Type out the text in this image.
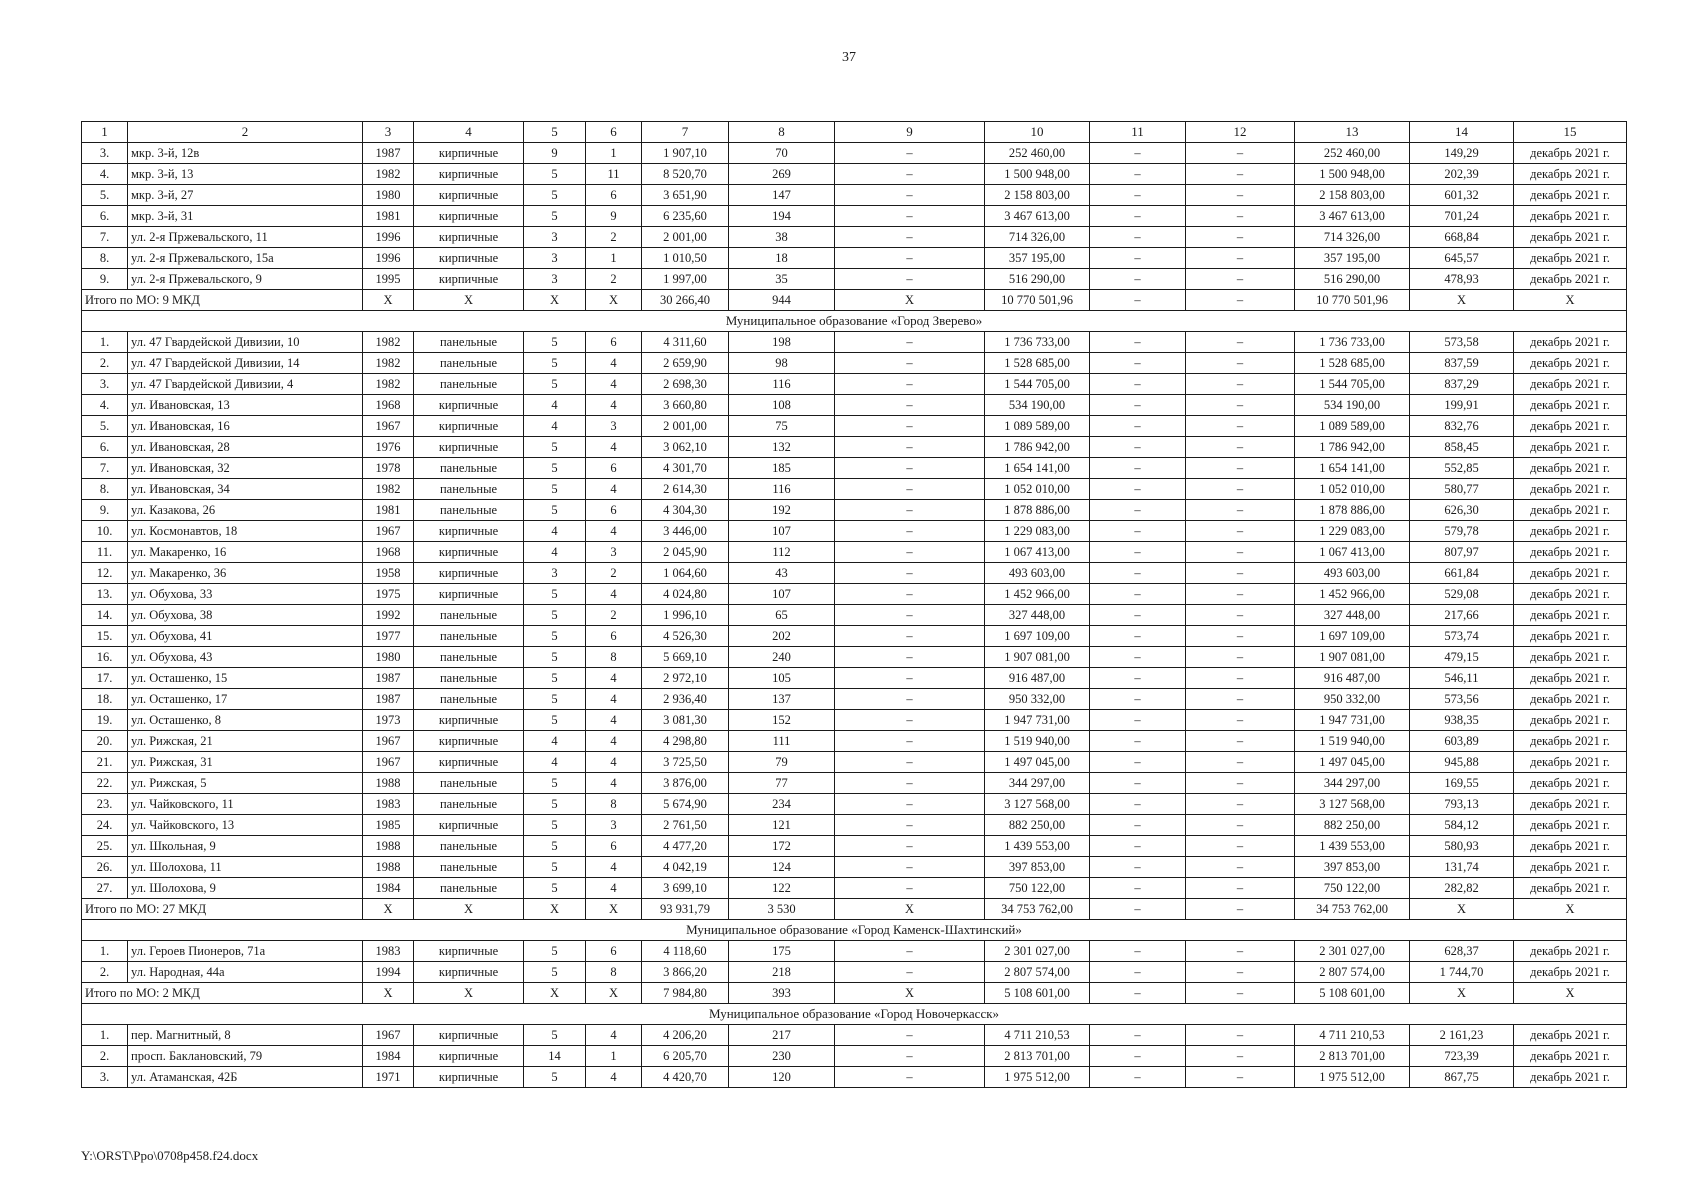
37
1	2	3	4	5	6	7	8	9	10	11	12	13	14	15
3.	мкр. 3-й, 12в	1987	кирпичные	9	1	1 907,10	70	–	252 460,00	–	–	252 460,00	149,29	декабрь 2021 г.
4.	мкр. 3-й, 13	1982	кирпичные	5	11	8 520,70	269	–	1 500 948,00	–	–	1 500 948,00	202,39	декабрь 2021 г.
5.	мкр. 3-й, 27	1980	кирпичные	5	6	3 651,90	147	–	2 158 803,00	–	–	2 158 803,00	601,32	декабрь 2021 г.
6.	мкр. 3-й, 31	1981	кирпичные	5	9	6 235,60	194	–	3 467 613,00	–	–	3 467 613,00	701,24	декабрь 2021 г.
7.	ул. 2-я Пржевальского, 11	1996	кирпичные	3	2	2 001,00	38	–	714 326,00	–	–	714 326,00	668,84	декабрь 2021 г.
8.	ул. 2-я Пржевальского, 15а	1996	кирпичные	3	1	1 010,50	18	–	357 195,00	–	–	357 195,00	645,57	декабрь 2021 г.
9.	ул. 2-я Пржевальского, 9	1995	кирпичные	3	2	1 997,00	35	–	516 290,00	–	–	516 290,00	478,93	декабрь 2021 г.
Итого по МО: 9 МКД		X	X	X	X	30 266,40	944	X	10 770 501,96	–	–	10 770 501,96	X	X
Муниципальное образование «Город Зверево»														
1.	ул. 47 Гвардейской Дивизии, 10	1982	панельные	5	6	4 311,60	198	–	1 736 733,00	–	–	1 736 733,00	573,58	декабрь 2021 г.
2.	ул. 47 Гвардейской Дивизии, 14	1982	панельные	5	4	2 659,90	98	–	1 528 685,00	–	–	1 528 685,00	837,59	декабрь 2021 г.
3.	ул. 47 Гвардейской Дивизии, 4	1982	панельные	5	4	2 698,30	116	–	1 544 705,00	–	–	1 544 705,00	837,29	декабрь 2021 г.
4.	ул. Ивановская, 13	1968	кирпичные	4	4	3 660,80	108	–	534 190,00	–	–	534 190,00	199,91	декабрь 2021 г.
5.	ул. Ивановская, 16	1967	кирпичные	4	3	2 001,00	75	–	1 089 589,00	–	–	1 089 589,00	832,76	декабрь 2021 г.
6.	ул. Ивановская, 28	1976	кирпичные	5	4	3 062,10	132	–	1 786 942,00	–	–	1 786 942,00	858,45	декабрь 2021 г.
7.	ул. Ивановская, 32	1978	панельные	5	6	4 301,70	185	–	1 654 141,00	–	–	1 654 141,00	552,85	декабрь 2021 г.
8.	ул. Ивановская, 34	1982	панельные	5	4	2 614,30	116	–	1 052 010,00	–	–	1 052 010,00	580,77	декабрь 2021 г.
9.	ул. Казакова, 26	1981	панельные	5	6	4 304,30	192	–	1 878 886,00	–	–	1 878 886,00	626,30	декабрь 2021 г.
10.	ул. Космонавтов, 18	1967	кирпичные	4	4	3 446,00	107	–	1 229 083,00	–	–	1 229 083,00	579,78	декабрь 2021 г.
11.	ул. Макаренко, 16	1968	кирпичные	4	3	2 045,90	112	–	1 067 413,00	–	–	1 067 413,00	807,97	декабрь 2021 г.
12.	ул. Макаренко, 36	1958	кирпичные	3	2	1 064,60	43	–	493 603,00	–	–	493 603,00	661,84	декабрь 2021 г.
13.	ул. Обухова, 33	1975	кирпичные	5	4	4 024,80	107	–	1 452 966,00	–	–	1 452 966,00	529,08	декабрь 2021 г.
14.	ул. Обухова, 38	1992	панельные	5	2	1 996,10	65	–	327 448,00	–	–	327 448,00	217,66	декабрь 2021 г.
15.	ул. Обухова, 41	1977	панельные	5	6	4 526,30	202	–	1 697 109,00	–	–	1 697 109,00	573,74	декабрь 2021 г.
16.	ул. Обухова, 43	1980	панельные	5	8	5 669,10	240	–	1 907 081,00	–	–	1 907 081,00	479,15	декабрь 2021 г.
17.	ул. Осташенко, 15	1987	панельные	5	4	2 972,10	105	–	916 487,00	–	–	916 487,00	546,11	декабрь 2021 г.
18.	ул. Осташенко, 17	1987	панельные	5	4	2 936,40	137	–	950 332,00	–	–	950 332,00	573,56	декабрь 2021 г.
19.	ул. Осташенко, 8	1973	кирпичные	5	4	3 081,30	152	–	1 947 731,00	–	–	1 947 731,00	938,35	декабрь 2021 г.
20.	ул. Рижская, 21	1967	кирпичные	4	4	4 298,80	111	–	1 519 940,00	–	–	1 519 940,00	603,89	декабрь 2021 г.
21.	ул. Рижская, 31	1967	кирпичные	4	4	3 725,50	79	–	1 497 045,00	–	–	1 497 045,00	945,88	декабрь 2021 г.
22.	ул. Рижская, 5	1988	панельные	5	4	3 876,00	77	–	344 297,00	–	–	344 297,00	169,55	декабрь 2021 г.
23.	ул. Чайковского, 11	1983	панельные	5	8	5 674,90	234	–	3 127 568,00	–	–	3 127 568,00	793,13	декабрь 2021 г.
24.	ул. Чайковского, 13	1985	кирпичные	5	3	2 761,50	121	–	882 250,00	–	–	882 250,00	584,12	декабрь 2021 г.
25.	ул. Школьная, 9	1988	панельные	5	6	4 477,20	172	–	1 439 553,00	–	–	1 439 553,00	580,93	декабрь 2021 г.
26.	ул. Шолохова, 11	1988	панельные	5	4	4 042,19	124	–	397 853,00	–	–	397 853,00	131,74	декабрь 2021 г.
27.	ул. Шолохова, 9	1984	панельные	5	4	3 699,10	122	–	750 122,00	–	–	750 122,00	282,82	декабрь 2021 г.
Итого по МО: 27 МКД		X	X	X	X	93 931,79	3 530	X	34 753 762,00	–	–	34 753 762,00	X	X
Муниципальное образование «Город Каменск-Шахтинский»														
1.	ул. Героев Пионеров, 71а	1983	кирпичные	5	6	4 118,60	175	–	2 301 027,00	–	–	2 301 027,00	628,37	декабрь 2021 г.
2.	ул. Народная, 44а	1994	кирпичные	5	8	3 866,20	218	–	2 807 574,00	–	–	2 807 574,00	1 744,70	декабрь 2021 г.
Итого по МО: 2 МКД		X	X	X	X	7 984,80	393	X	5 108 601,00	–	–	5 108 601,00	X	X
Муниципальное образование «Город Новочеркасск»														
1.	пер. Магнитный, 8	1967	кирпичные	5	4	4 206,20	217	–	4 711 210,53	–	–	4 711 210,53	2 161,23	декабрь 2021 г.
2.	просп. Баклановский, 79	1984	кирпичные	14	1	6 205,70	230	–	2 813 701,00	–	–	2 813 701,00	723,39	декабрь 2021 г.
3.	ул. Атаманская, 42Б	1971	кирпичные	5	4	4 420,70	120	–	1 975 512,00	–	–	1 975 512,00	867,75	декабрь 2021 г.
Y:\ORST\Ppo\0708p458.f24.docx
